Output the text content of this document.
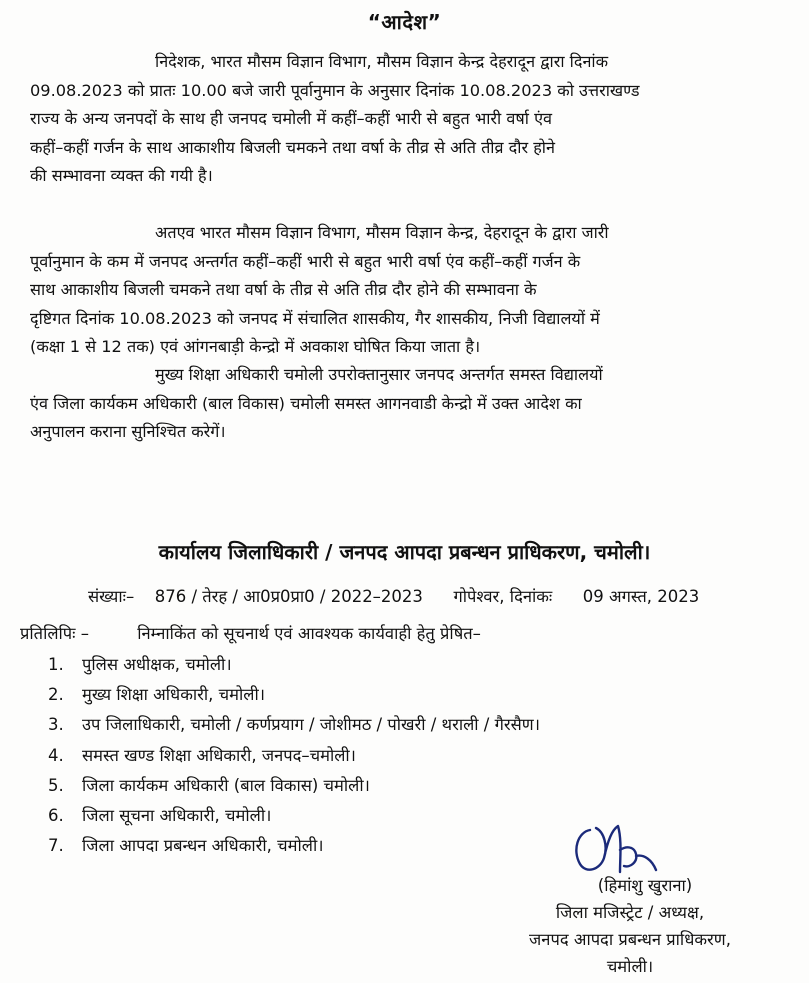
“आदेश”
निदेशक, भारत मौसम विज्ञान विभाग, मौसम विज्ञान केन्द्र देहरादून द्वारा दिनांक
09.08.2023 को प्रातः 10.00 बजे जारी पूर्वानुमान के अनुसार दिनांक 10.08.2023 को उत्तराखण्ड
राज्य के अन्य जनपदों के साथ ही जनपद चमोली में कहीं–कहीं भारी से बहुत भारी वर्षा एंव
कहीं–कहीं गर्जन के साथ आकाशीय बिजली चमकने तथा वर्षा के तीव्र से अति तीव्र दौर होने
की सम्भावना व्यक्त की गयी है।
अतएव भारत मौसम विज्ञान विभाग, मौसम विज्ञान केन्द्र, देहरादून के द्वारा जारी
पूर्वानुमान के कम में जनपद अन्तर्गत कहीं–कहीं भारी से बहुत भारी वर्षा एंव कहीं–कहीं गर्जन के
साथ आकाशीय बिजली चमकने तथा वर्षा के तीव्र से अति तीव्र दौर होने की सम्भावना के
दृष्टिगत दिनांक 10.08.2023 को जनपद में संचालित शासकीय, गैर शासकीय, निजी विद्यालयों में
(कक्षा 1 से 12 तक) एवं आंगनबाड़ी केन्द्रो में अवकाश घोषित किया जाता है।
मुख्य शिक्षा अधिकारी चमोली उपरोक्तानुसार जनपद अन्तर्गत समस्त विद्यालयों
एंव जिला कार्यकम अधिकारी (बाल विकास) चमोली समस्त आगनवाडी केन्द्रो में उक्त आदेश का
अनुपालन कराना सुनिश्चित करेगें।
कार्यालय जिलाधिकारी / जनपद आपदा प्रबन्धन प्राधिकरण, चमोली।
संख्याः– 876 / तेरह / आ0प्र0प्रा0 / 2022–2023 गोपेश्वर, दिनांकः 09 अगस्त, 2023
प्रतिलिपिः –	निम्नाकिंत को सूचनार्थ एवं आवश्यक कार्यवाही हेतु प्रेषित–
1. पुलिस अधीक्षक, चमोली।
2. मुख्य शिक्षा अधिकारी, चमोली।
3. उप जिलाधिकारी, चमोली / कर्णप्रयाग / जोशीमठ / पोखरी / थराली / गैरसैण।
4. समस्त खण्ड शिक्षा अधिकारी, जनपद–चमोली।
5. जिला कार्यकम अधिकारी (बाल विकास) चमोली।
6. जिला सूचना अधिकारी, चमोली।
7. जिला आपदा प्रबन्धन अधिकारी, चमोली।
(हिमांशु खुराना)
जिला मजिस्ट्रेट / अध्यक्ष,
जनपद आपदा प्रबन्धन प्राधिकरण,
चमोली।
